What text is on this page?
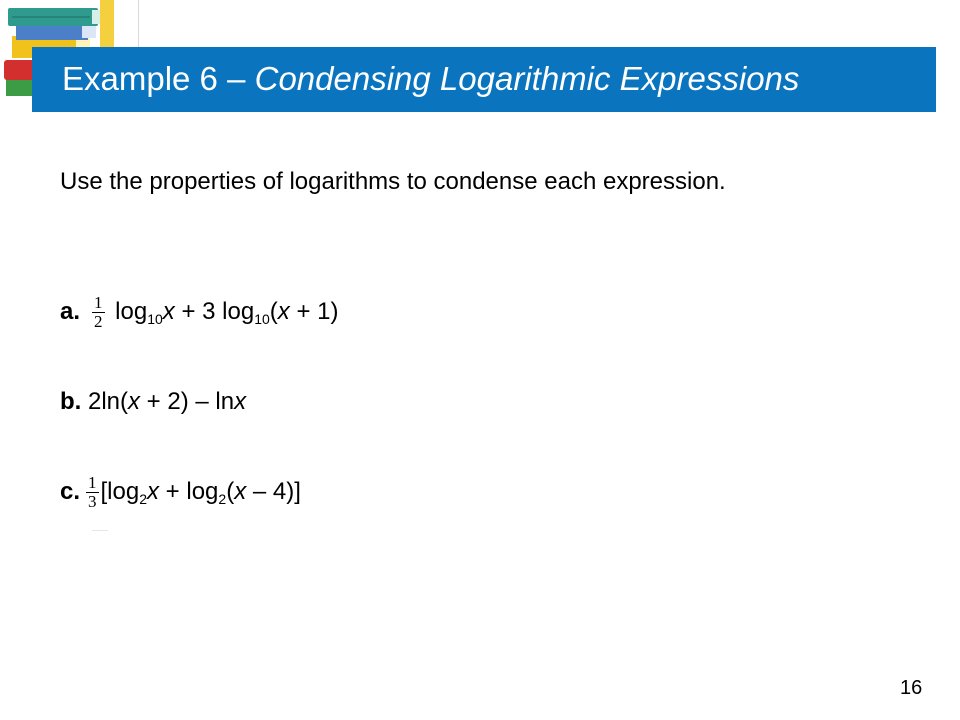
Example 6 – Condensing Logarithmic Expressions

Use the properties of logarithms to condense each expression.

a. $\frac{1}{2} \log_{10}x + 3$ $\log_{10}(x + 1)$
b. 2ln(x + 2) – lnx
c. $\frac{1}{3} [\log_2x + \log_2(x - 4)]$
16
